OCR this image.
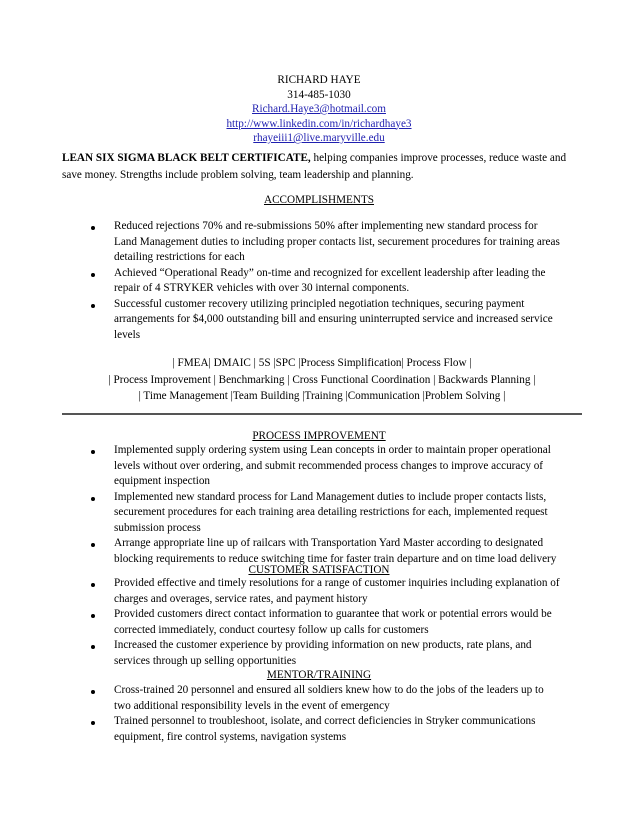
RICHARD HAYE
314-485-1030
Richard.Haye3@hotmail.com
http://www.linkedin.com/in/richardhaye3
rhayeiii1@live.maryville.edu
LEAN SIX SIGMA BLACK BELT CERTIFICATE, helping companies improve processes, reduce waste and save money. Strengths include problem solving, team leadership and planning.
ACCOMPLISHMENTS
Reduced rejections 70% and re-submissions 50% after implementing new standard process for Land Management duties to including proper contacts list, securement procedures for training areas detailing restrictions for each
Achieved “Operational Ready” on-time and recognized for excellent leadership after leading the repair of 4 STRYKER vehicles with over 30 internal components.
Successful customer recovery utilizing principled negotiation techniques, securing payment arrangements for $4,000 outstanding bill and ensuring uninterrupted service and increased service levels
| FMEA| DMAIC | 5S |SPC |Process Simplification| Process Flow |
| Process Improvement | Benchmarking | Cross Functional Coordination | Backwards Planning |
| Time Management |Team Building |Training |Communication |Problem Solving |
PROCESS IMPROVEMENT
Implemented supply ordering system using Lean concepts in order to maintain proper operational levels without over ordering, and submit recommended process changes to improve accuracy of equipment inspection
Implemented new standard process for Land Management duties to include proper contacts lists, securement procedures for each training area detailing restrictions for each, implemented request submission process
Arrange appropriate line up of railcars with Transportation Yard Master according to designated blocking requirements to reduce switching time for faster train departure and on time load delivery
CUSTOMER SATISFACTION
Provided effective and timely resolutions for a range of customer inquiries including explanation of charges and overages, service rates, and payment history
Provided customers direct contact information to guarantee that work or potential errors would be corrected immediately, conduct courtesy follow up calls for customers
Increased the customer experience by providing information on new products, rate plans, and services through up selling opportunities
MENTOR/TRAINING
Cross-trained 20 personnel and ensured all soldiers knew how to do the jobs of the leaders up to two additional responsibility levels in the event of emergency
Trained personnel to troubleshoot, isolate, and correct deficiencies in Stryker communications equipment, fire control systems, navigation systems
